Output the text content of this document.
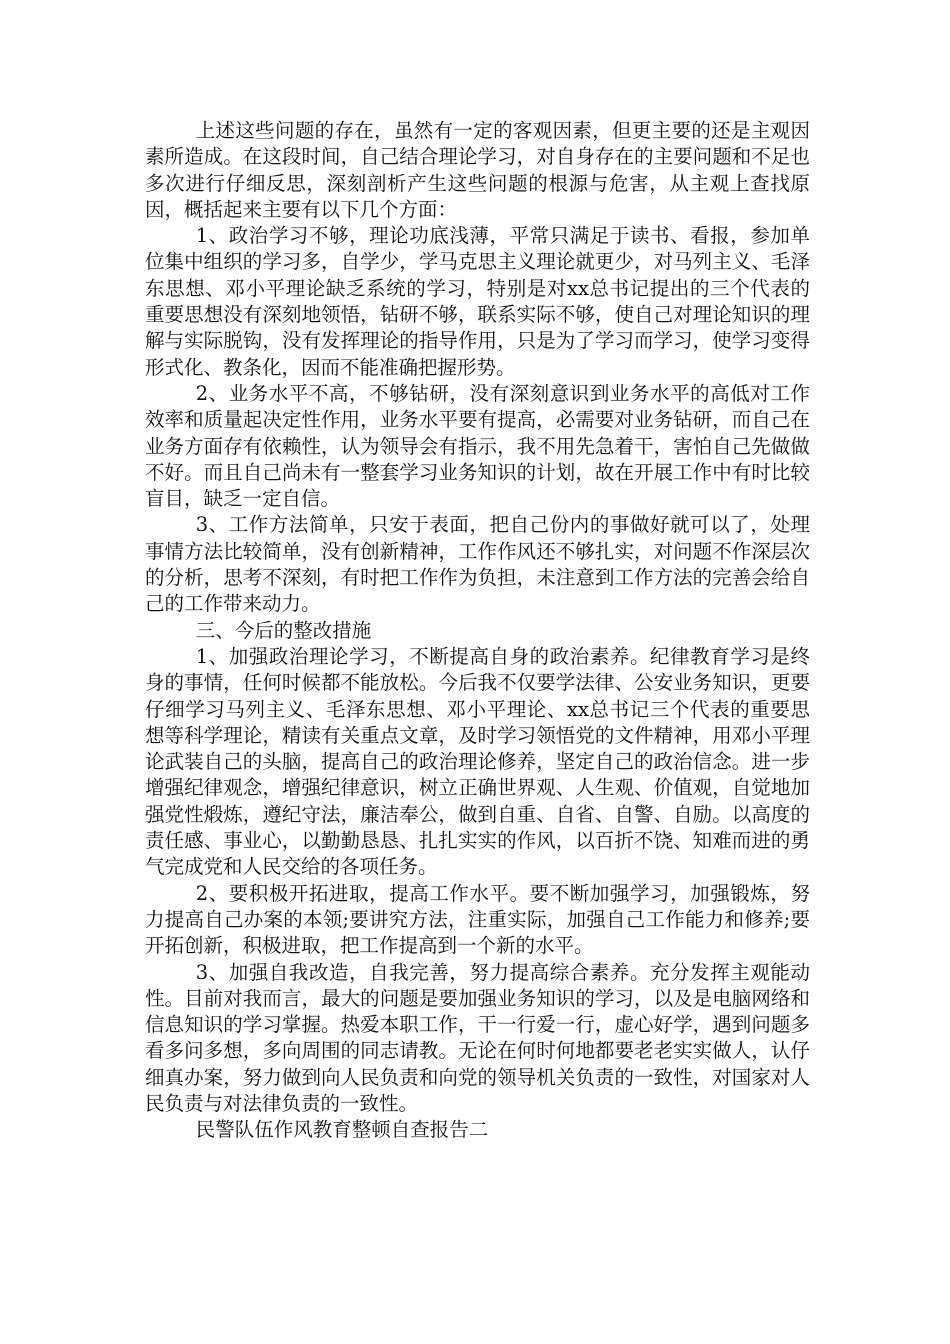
上述这些问题的存在，虽然有一定的客观因素，但更主要的还是主观因素所造成。在这段时间，自己结合理论学习，对自身存在的主要问题和不足也多次进行仔细反思，深刻剖析产生这些问题的根源与危害，从主观上查找原因，概括起来主要有以下几个方面：

1、政治学习不够，理论功底浅薄，平常只满足于读书、看报，参加单位集中组织的学习多，自学少，学马克思主义理论就更少，对马列主义、毛泽东思想、邓小平理论缺乏系统的学习，特别是对xx总书记提出的三个代表的重要思想没有深刻地领悟，钻研不够，联系实际不够，使自己对理论知识的理解与实际脱钩，没有发挥理论的指导作用，只是为了学习而学习，使学习变得形式化、教条化，因而不能准确把握形势。

2、业务水平不高，不够钻研，没有深刻意识到业务水平的高低对工作效率和质量起决定性作用，业务水平要有提高，必需要对业务钻研，而自己在业务方面存有依赖性，认为领导会有指示，我不用先急着干，害怕自己先做做不好。而且自己尚未有一整套学习业务知识的计划，故在开展工作中有时比较盲目，缺乏一定自信。

3、工作方法简单，只安于表面，把自己份内的事做好就可以了，处理事情方法比较简单，没有创新精神，工作作风还不够扎实，对问题不作深层次的分析，思考不深刻，有时把工作作为负担，未注意到工作方法的完善会给自己的工作带来动力。

三、今后的整改措施

1、加强政治理论学习，不断提高自身的政治素养。纪律教育学习是终身的事情，任何时候都不能放松。今后我不仅要学法律、公安业务知识，更要仔细学习马列主义、毛泽东思想、邓小平理论、xx总书记三个代表的重要思想等科学理论，精读有关重点文章，及时学习领悟党的文件精神，用邓小平理论武装自己的头脑，提高自己的政治理论修养，坚定自己的政治信念。进一步增强纪律观念，增强纪律意识，树立正确世界观、人生观、价值观，自觉地加强党性煅炼，遵纪守法，廉洁奉公，做到自重、自省、自警、自励。以高度的责任感、事业心，以勤勤恳恳、扎扎实实的作风，以百折不饶、知难而进的勇气完成党和人民交给的各项任务。

2、要积极开拓进取，提高工作水平。要不断加强学习，加强锻炼，努力提高自己办案的本领;要讲究方法，注重实际，加强自己工作能力和修养;要开拓创新，积极进取，把工作提高到一个新的水平。

3、加强自我改造，自我完善，努力提高综合素养。充分发挥主观能动性。目前对我而言，最大的问题是要加强业务知识的学习，以及是电脑网络和信息知识的学习掌握。热爱本职工作，干一行爱一行，虚心好学，遇到问题多看多问多想，多向周围的同志请教。无论在何时何地都要老老实实做人，认仔细真办案，努力做到向人民负责和向党的领导机关负责的一致性，对国家对人民负责与对法律负责的一致性。

民警队伍作风教育整顿自查报告二
